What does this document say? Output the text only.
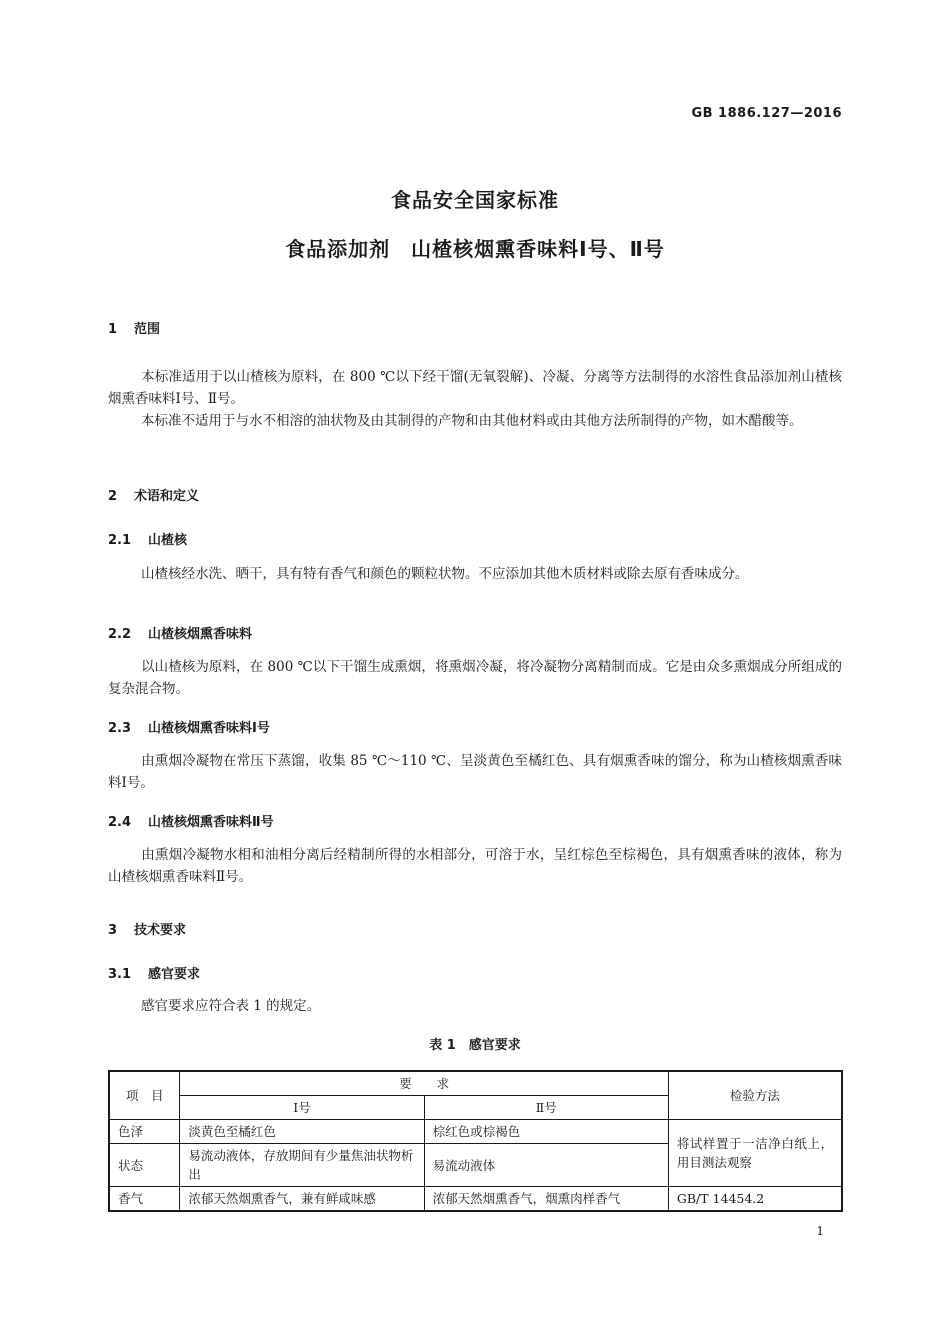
GB 1886.127—2016
食品安全国家标准
食品添加剂　山楂核烟熏香味料Ⅰ号、Ⅱ号
1 范围

本标准适用于以山楂核为原料，在 800 ℃以下经干馏(无氧裂解)、冷凝、分离等方法制得的水溶性食品添加剂山楂核烟熏香味料Ⅰ号、Ⅱ号。

本标准不适用于与水不相溶的油状物及由其制得的产物和由其他材料或由其他方法所制得的产物，如木醋酸等。

2 术语和定义
2.1 山楂核

山楂核经水洗、晒干，具有特有香气和颜色的颗粒状物。不应添加其他木质材料或除去原有香味成分。

2.2 山楂核烟熏香味料

以山楂核为原料，在 800 ℃以下干馏生成熏烟，将熏烟冷凝，将冷凝物分离精制而成。它是由众多熏烟成分所组成的复杂混合物。

2.3 山楂核烟熏香味料Ⅰ号

由熏烟冷凝物在常压下蒸馏，收集 85 ℃～110 ℃、呈淡黄色至橘红色、具有烟熏香味的馏分，称为山楂核烟熏香味料Ⅰ号。

2.4 山楂核烟熏香味料Ⅱ号

由熏烟冷凝物水相和油相分离后经精制所得的水相部分，可溶于水，呈红棕色至棕褐色，具有烟熏香味的液体，称为山楂核烟熏香味料Ⅱ号。

3 技术要求
3.1 感官要求

感官要求应符合表 1 的规定。

表 1　感官要求
项　目	要　　求		检验方法
	Ⅰ号	Ⅱ号	
色泽	淡黄色至橘红色	棕红色或棕褐色	将试样置于一洁净白纸上，用目测法观察
状态	易流动液体，存放期间有少量焦油状物析出	易流动液体	
香气	浓郁天然烟熏香气，兼有鲜咸味感	浓郁天然烟熏香气，烟熏肉样香气	GB/T 14454.2
1
